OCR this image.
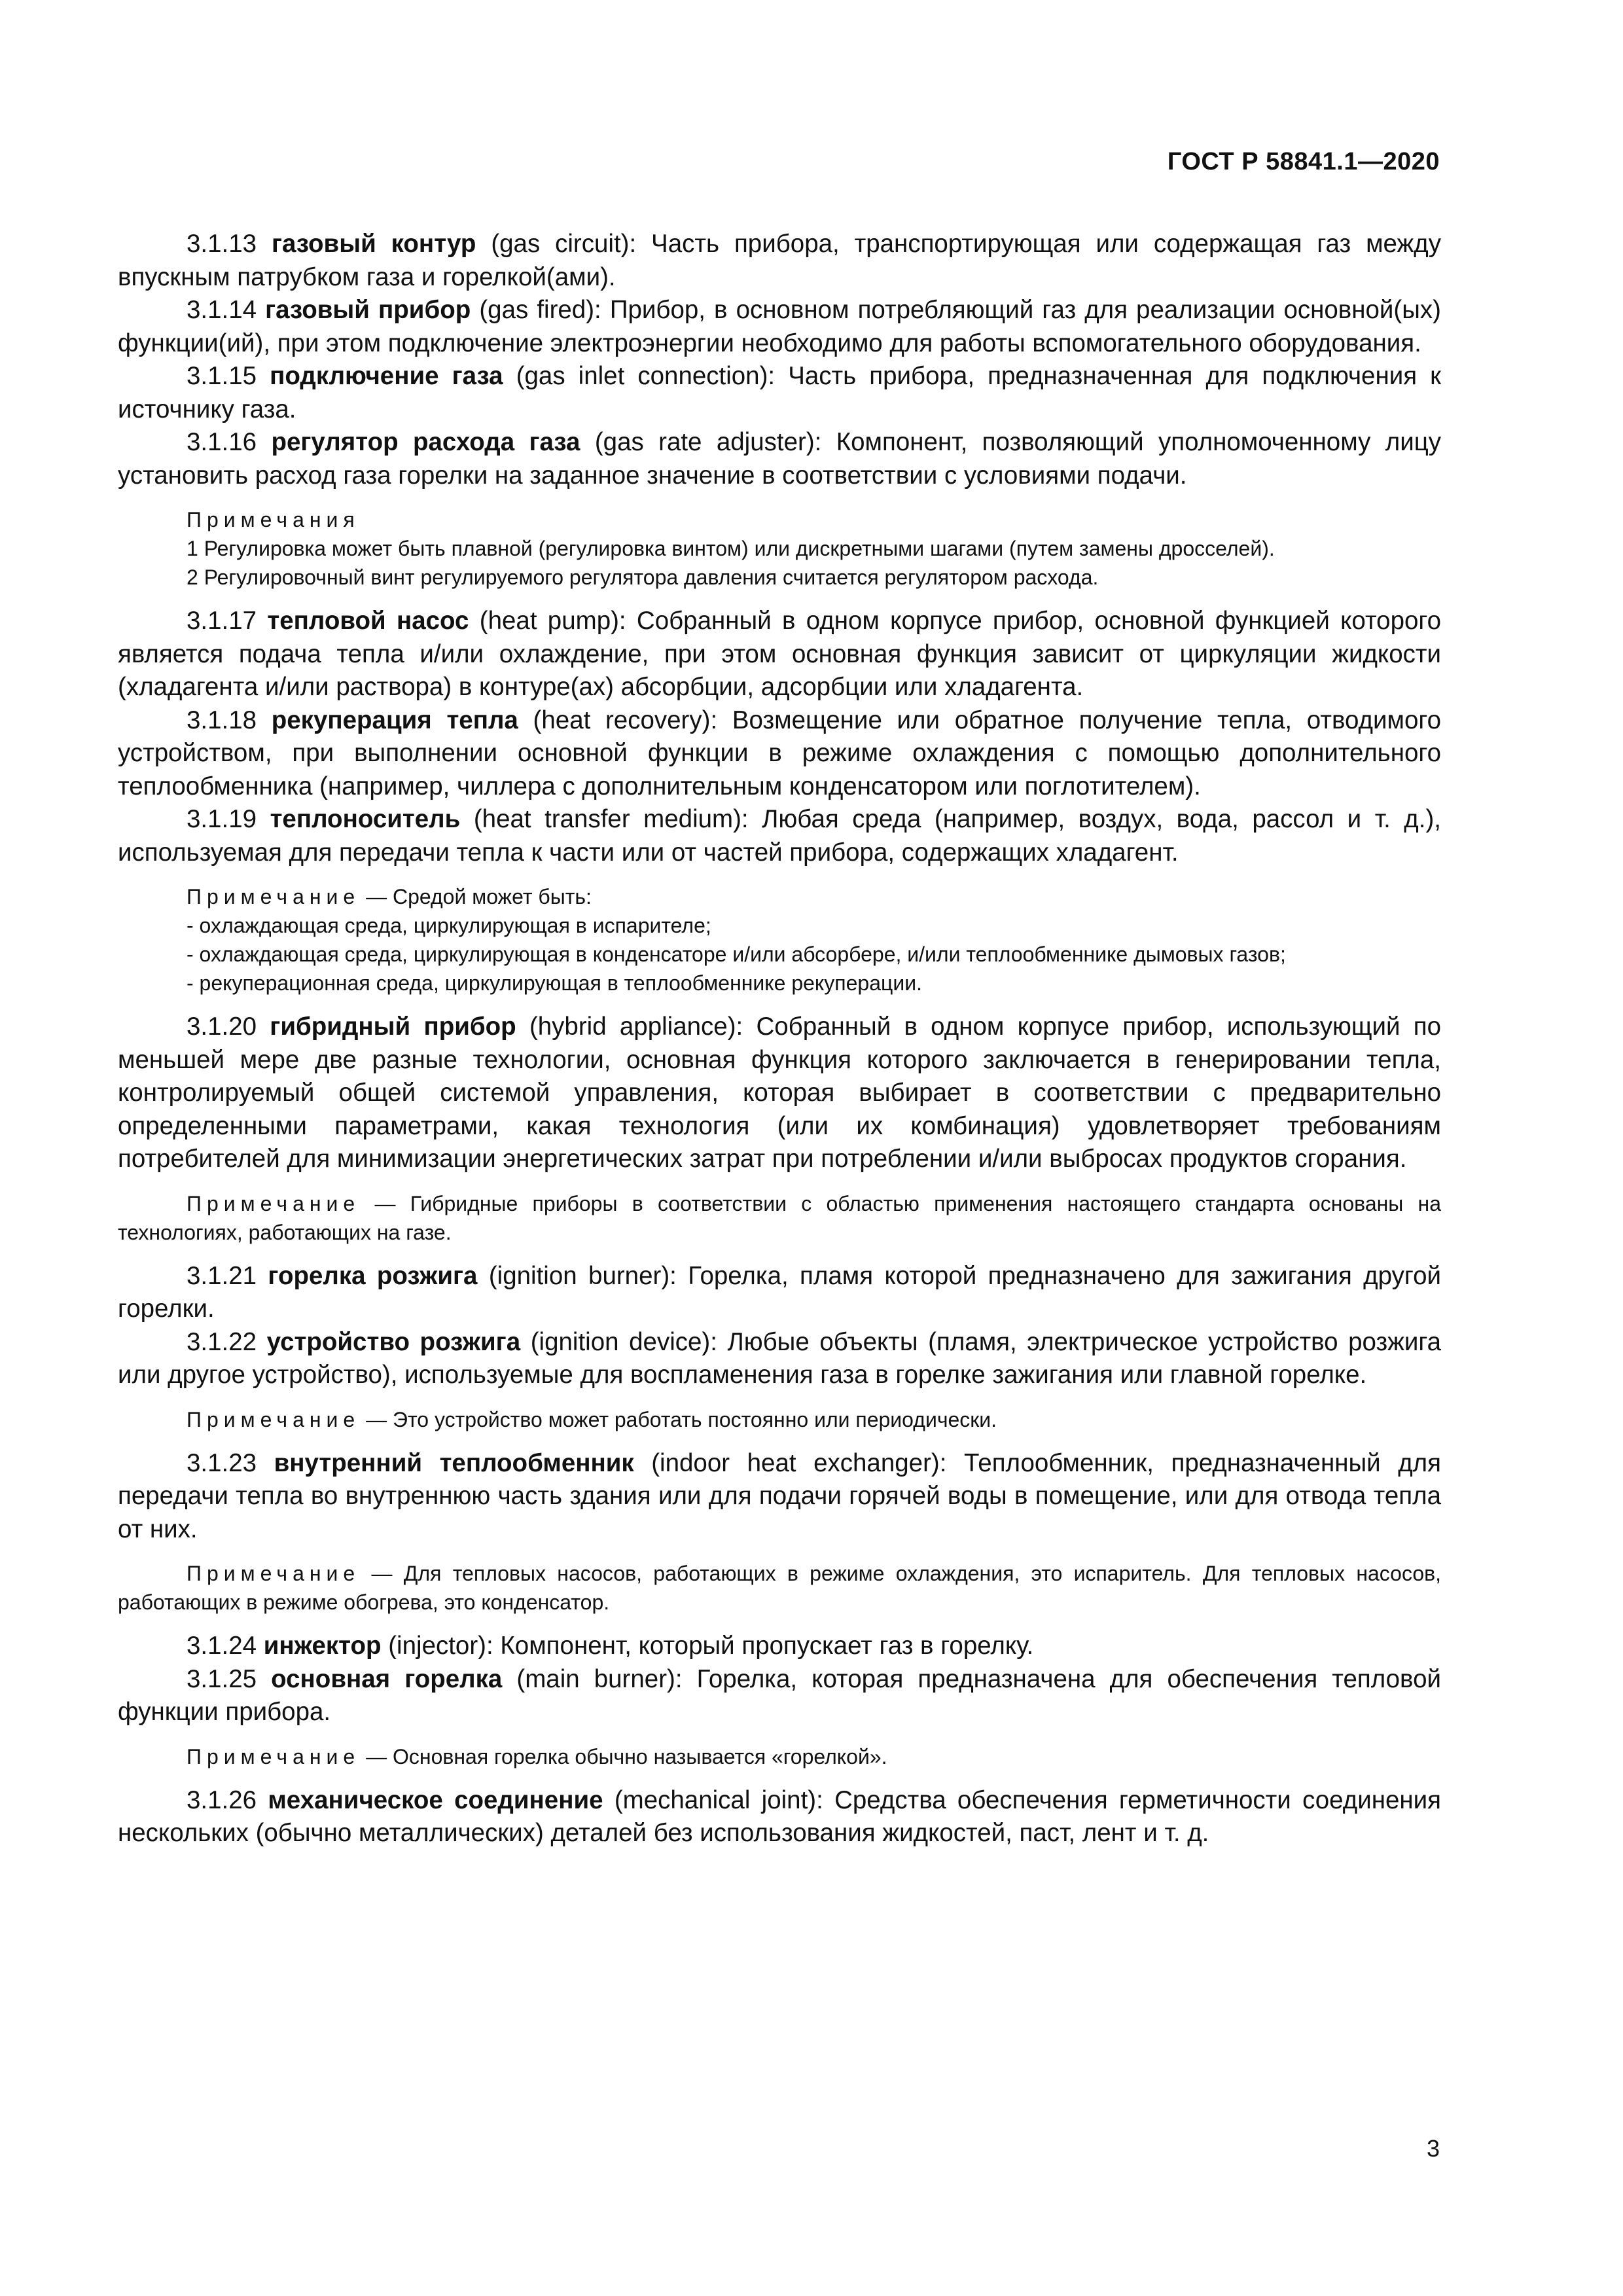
ГОСТ Р 58841.1—2020

3.1.13 газовый контур (gas circuit): Часть прибора, транспортирующая или содержащая газ между впускным патрубком газа и горелкой(ами).

3.1.14 газовый прибор (gas fired): Прибор, в основном потребляющий газ для реализации основной(ых) функции(ий), при этом подключение электроэнергии необходимо для работы вспомогательного оборудования.

3.1.15 подключение газа (gas inlet connection): Часть прибора, предназначенная для подключения к источнику газа.

3.1.16 регулятор расхода газа (gas rate adjuster): Компонент, позволяющий уполномоченному лицу установить расход газа горелки на заданное значение в соответствии с условиями подачи.

Примечания

1 Регулировка может быть плавной (регулировка винтом) или дискретными шагами (путем замены дросселей).

2 Регулировочный винт регулируемого регулятора давления считается регулятором расхода.

3.1.17 тепловой насос (heat pump): Собранный в одном корпусе прибор, основной функцией которого является подача тепла и/или охлаждение, при этом основная функция зависит от циркуляции жидкости (хладагента и/или раствора) в контуре(ах) абсорбции, адсорбции или хладагента.

3.1.18 рекуперация тепла (heat recovery): Возмещение или обратное получение тепла, отводимого устройством, при выполнении основной функции в режиме охлаждения с помощью дополнительного теплообменника (например, чиллера с дополнительным конденсатором или поглотителем).

3.1.19 теплоноситель (heat transfer medium): Любая среда (например, воздух, вода, рассол и т. д.), используемая для передачи тепла к части или от частей прибора, содержащих хладагент.

Примечание — Средой может быть:

- охлаждающая среда, циркулирующая в испарителе;

- охлаждающая среда, циркулирующая в конденсаторе и/или абсорбере, и/или теплообменнике дымовых газов;

- рекуперационная среда, циркулирующая в теплообменнике рекуперации.

3.1.20 гибридный прибор (hybrid appliance): Собранный в одном корпусе прибор, использующий по меньшей мере две разные технологии, основная функция которого заключается в генерировании тепла, контролируемый общей системой управления, которая выбирает в соответствии с предварительно определенными параметрами, какая технология (или их комбинация) удовлетворяет требованиям потребителей для минимизации энергетических затрат при потреблении и/или выбросах продуктов сгорания.

Примечание — Гибридные приборы в соответствии с областью применения настоящего стандарта основаны на технологиях, работающих на газе.

3.1.21 горелка розжига (ignition burner): Горелка, пламя которой предназначено для зажигания другой горелки.

3.1.22 устройство розжига (ignition device): Любые объекты (пламя, электрическое устройство розжига или другое устройство), используемые для воспламенения газа в горелке зажигания или главной горелке.

Примечание — Это устройство может работать постоянно или периодически.

3.1.23 внутренний теплообменник (indoor heat exchanger): Теплообменник, предназначенный для передачи тепла во внутреннюю часть здания или для подачи горячей воды в помещение, или для отвода тепла от них.

Примечание — Для тепловых насосов, работающих в режиме охлаждения, это испаритель. Для тепловых насосов, работающих в режиме обогрева, это конденсатор.

3.1.24 инжектор (injector): Компонент, который пропускает газ в горелку.

3.1.25 основная горелка (main burner): Горелка, которая предназначена для обеспечения тепловой функции прибора.

Примечание — Основная горелка обычно называется «горелкой».

3.1.26 механическое соединение (mechanical joint): Средства обеспечения герметичности соединения нескольких (обычно металлических) деталей без использования жидкостей, паст, лент и т. д.

3
